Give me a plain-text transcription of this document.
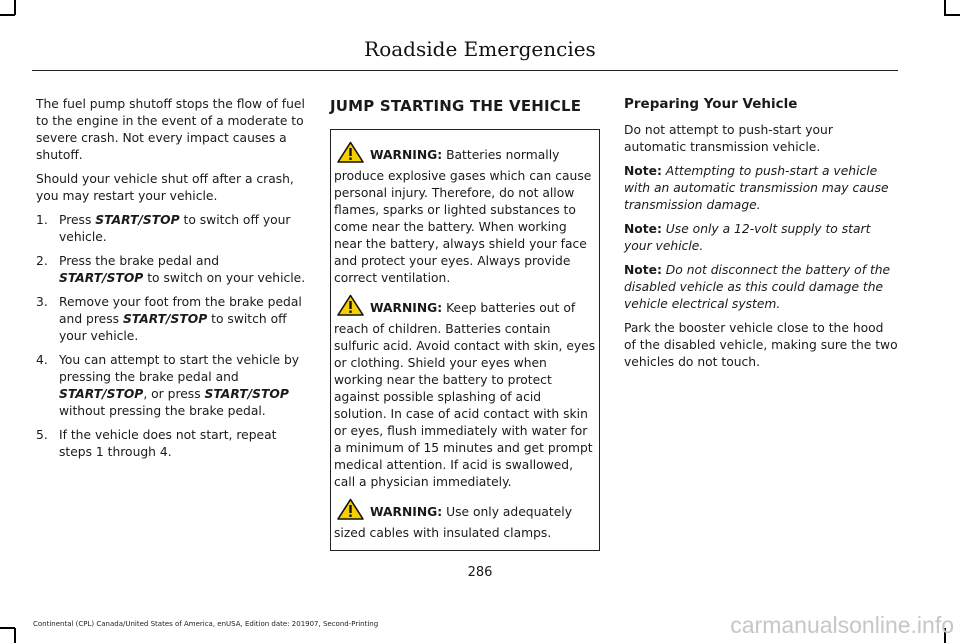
Roadside Emergencies

The fuel pump shutoff stops the flow of fuel to the engine in the event of a moderate to severe crash. Not every impact causes a shutoff.

Should your vehicle shut off after a crash, you may restart your vehicle.

1. Press START/STOP to switch off your vehicle.
2. Press the brake pedal and START/STOP to switch on your vehicle.
3. Remove your foot from the brake pedal and press START/STOP to switch off your vehicle.
4. You can attempt to start the vehicle by pressing the brake pedal and START/STOP, or press START/STOP without pressing the brake pedal.
5. If the vehicle does not start, repeat steps 1 through 4.
JUMP STARTING THE VEHICLE

WARNING: Batteries normally produce explosive gases which can cause personal injury. Therefore, do not allow flames, sparks or lighted substances to come near the battery. When working near the battery, always shield your face and protect your eyes. Always provide correct ventilation.

WARNING: Keep batteries out of reach of children. Batteries contain sulfuric acid. Avoid contact with skin, eyes or clothing. Shield your eyes when working near the battery to protect against possible splashing of acid solution. In case of acid contact with skin or eyes, flush immediately with water for a minimum of 15 minutes and get prompt medical attention. If acid is swallowed, call a physician immediately.

WARNING: Use only adequately sized cables with insulated clamps.

Preparing Your Vehicle

Do not attempt to push-start your automatic transmission vehicle.

Note: Attempting to push-start a vehicle with an automatic transmission may cause transmission damage.

Note: Use only a 12-volt supply to start your vehicle.

Note: Do not disconnect the battery of the disabled vehicle as this could damage the vehicle electrical system.

Park the booster vehicle close to the hood of the disabled vehicle, making sure the two vehicles do not touch.

286
Continental (CPL) Canada/United States of America, enUSA, Edition date: 201907, Second-Printing	carmanualsonline.info
